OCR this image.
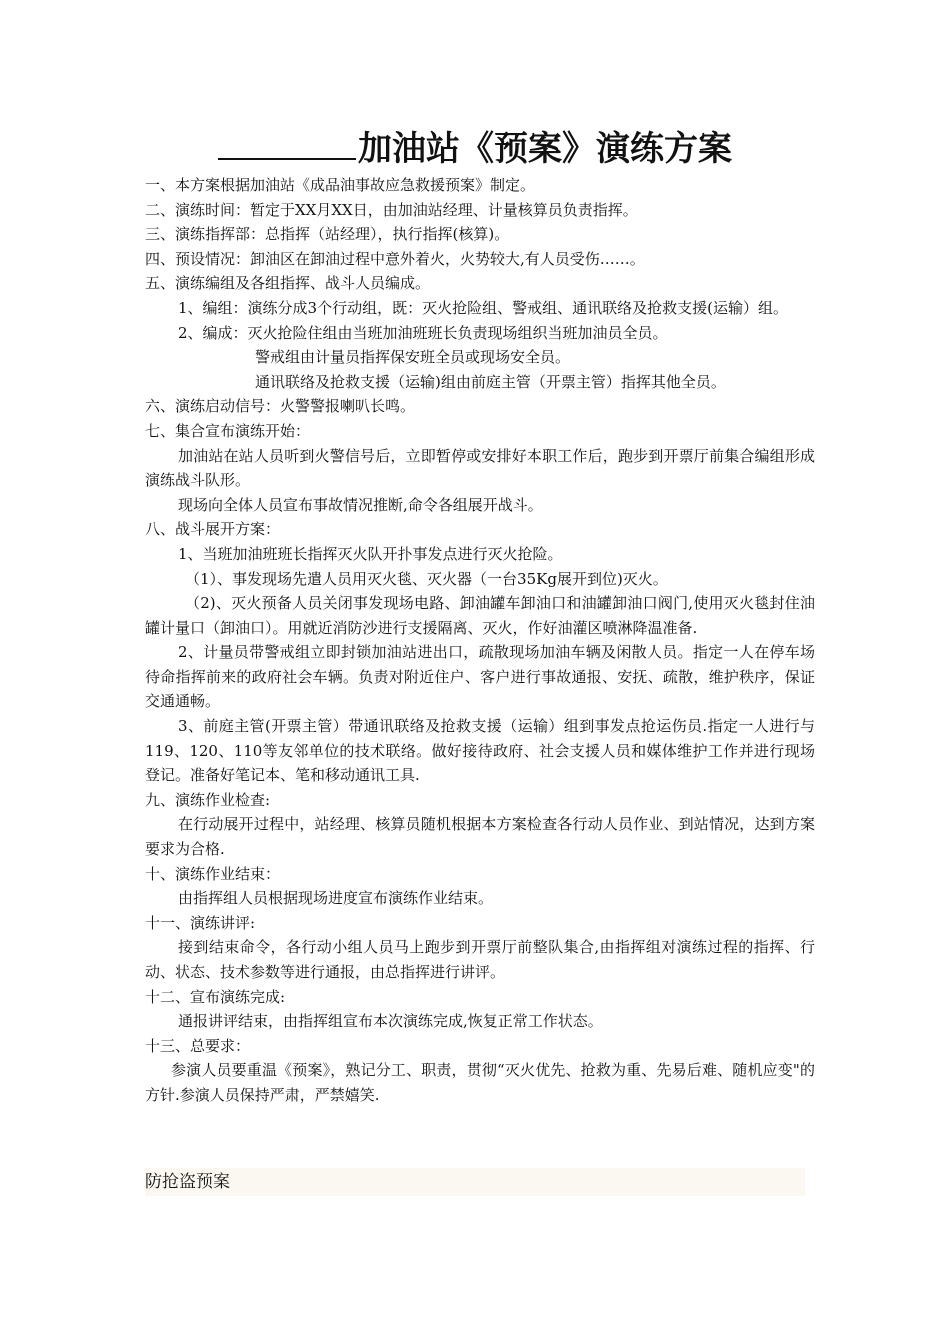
加油站《预案》演练方案

一、本方案根据加油站《成品油事故应急救援预案》制定。

二、演练时间：暂定于XX月XX日，由加油站经理、计量核算员负责指挥。

三、演练指挥部：总指挥（站经理），执行指挥(核算)。

四、预设情况：卸油区在卸油过程中意外着火，火势较大,有人员受伤……。

五、演练编组及各组指挥、战斗人员编成。

1、编组：演练分成3个行动组，既：灭火抢险组、警戒组、通讯联络及抢救支援(运输）组。

2、编成：灭火抢险住组由当班加油班班长负责现场组织当班加油员全员。

警戒组由计量员指挥保安班全员或现场安全员。

通讯联络及抢救支援（运输)组由前庭主管（开票主管）指挥其他全员。

六、演练启动信号：火警警报喇叭长鸣。

七、集合宣布演练开始：

加油站在站人员听到火警信号后，立即暂停或安排好本职工作后，跑步到开票厅前集合编组形成演练战斗队形。

现场向全体人员宣布事故情况推断,命令各组展开战斗。

八、战斗展开方案：

1、当班加油班班长指挥灭火队开扑事发点进行灭火抢险。

（1）、事发现场先遣人员用灭火毯、灭火器（一台35Kg展开到位)灭火。

（2)、灭火预备人员关闭事发现场电路、卸油罐车卸油口和油罐卸油口阀门,使用灭火毯封住油罐计量口（卸油口）。用就近消防沙进行支援隔离、灭火，作好油灌区喷淋降温准备.

2、计量员带警戒组立即封锁加油站进出口，疏散现场加油车辆及闲散人员。指定一人在停车场待命指挥前来的政府社会车辆。负责对附近住户、客户进行事故通报、安抚、疏散，维护秩序，保证交通通畅。

3、前庭主管(开票主管）带通讯联络及抢救支援（运输）组到事发点抢运伤员.指定一人进行与119、120、110等友邻单位的技术联络。做好接待政府、社会支援人员和媒体维护工作并进行现场登记。准备好笔记本、笔和移动通讯工具.

九、演练作业检查:

在行动展开过程中，站经理、核算员随机根据本方案检查各行动人员作业、到站情况，达到方案要求为合格.

十、演练作业结束：

由指挥组人员根据现场进度宣布演练作业结束。

十一、演练讲评:

接到结束命令，各行动小组人员马上跑步到开票厅前整队集合,由指挥组对演练过程的指挥、行动、状态、技术参数等进行通报，由总指挥进行讲评。

十二、宣布演练完成:

通报讲评结束，由指挥组宣布本次演练完成,恢复正常工作状态。

十三、总要求：

参演人员要重温《预案》，熟记分工、职责，贯彻“灭火优先、抢救为重、先易后难、随机应变"的方针.参演人员保持严肃，严禁嬉笑.

防抢盗预案
